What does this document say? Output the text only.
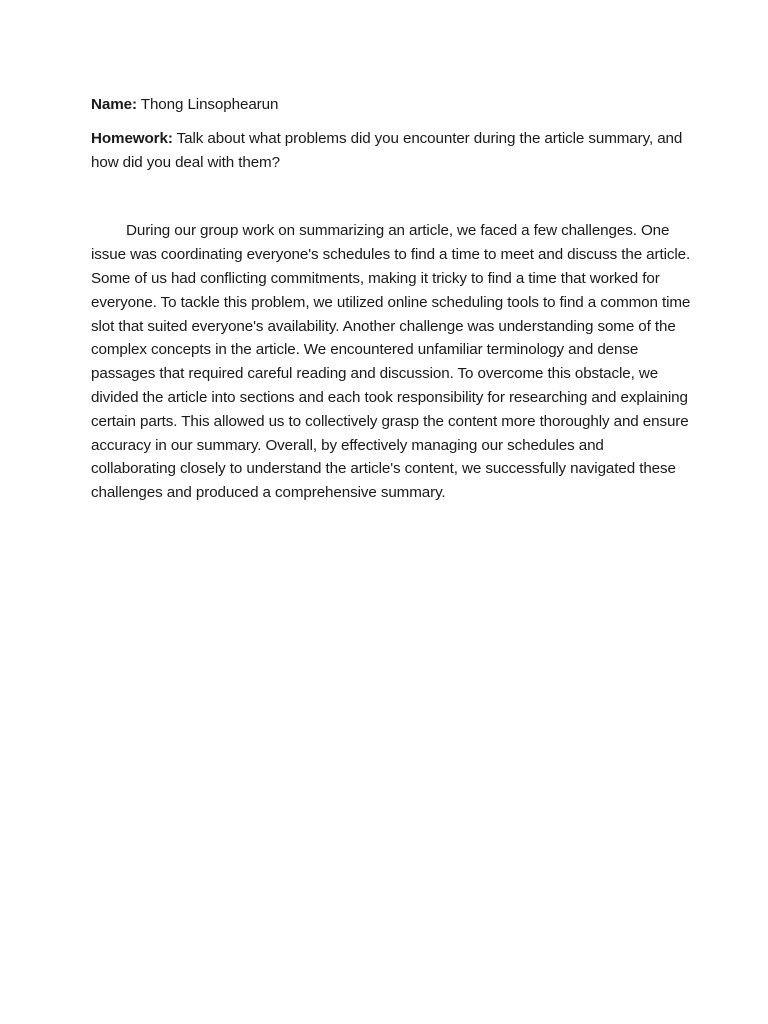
Name: Thong Linsophearun

Homework: Talk about what problems did you encounter during the article summary, and how did you deal with them?

During our group work on summarizing an article, we faced a few challenges. One issue was coordinating everyone's schedules to find a time to meet and discuss the article. Some of us had conflicting commitments, making it tricky to find a time that worked for everyone. To tackle this problem, we utilized online scheduling tools to find a common time slot that suited everyone's availability. Another challenge was understanding some of the complex concepts in the article. We encountered unfamiliar terminology and dense passages that required careful reading and discussion. To overcome this obstacle, we divided the article into sections and each took responsibility for researching and explaining certain parts. This allowed us to collectively grasp the content more thoroughly and ensure accuracy in our summary. Overall, by effectively managing our schedules and collaborating closely to understand the article's content, we successfully navigated these challenges and produced a comprehensive summary.
